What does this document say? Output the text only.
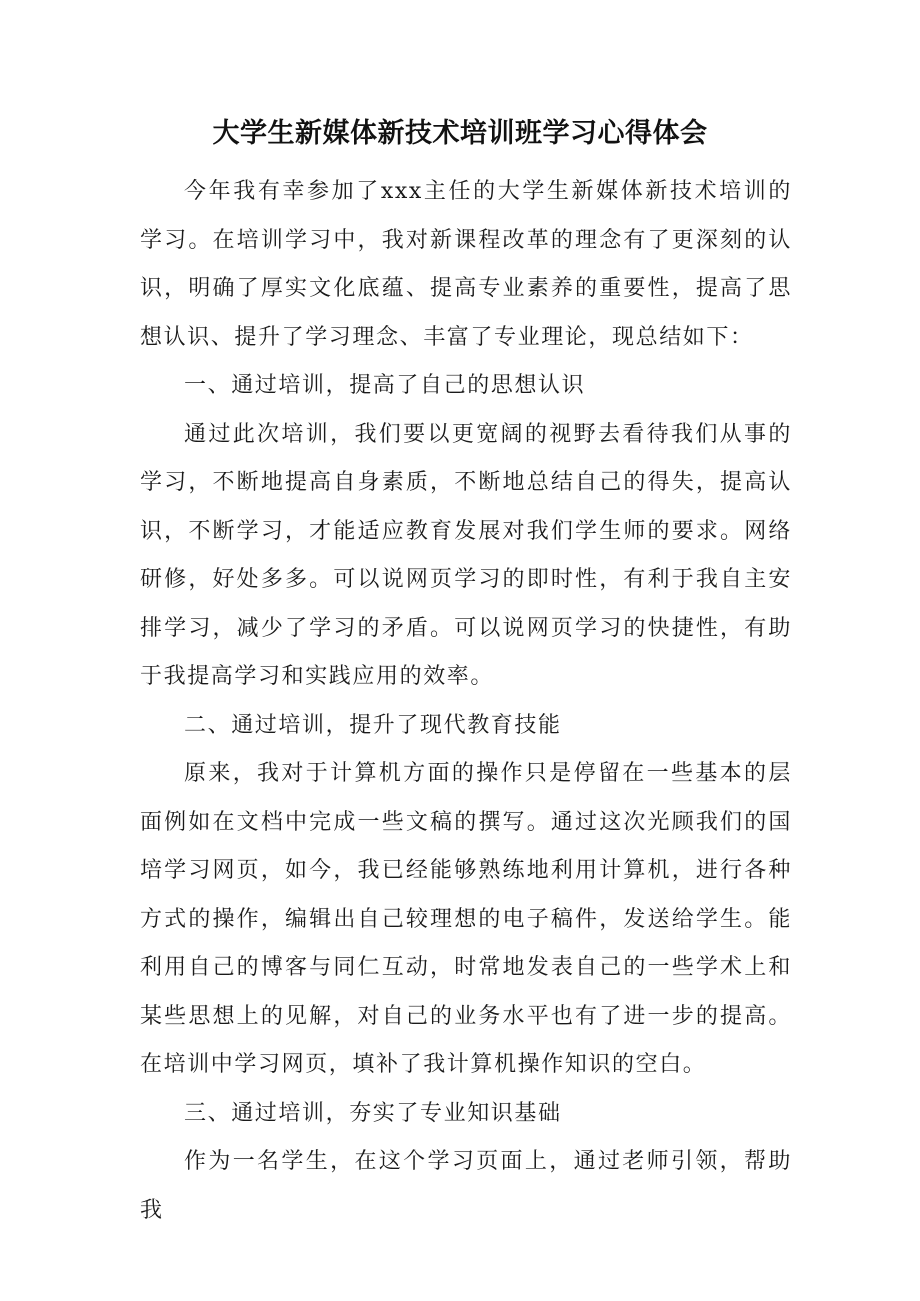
大学生新媒体新技术培训班学习心得体会

今年我有幸参加了xxx主任的大学生新媒体新技术培训的学习。在培训学习中，我对新课程改革的理念有了更深刻的认识，明确了厚实文化底蕴、提高专业素养的重要性，提高了思想认识、提升了学习理念、丰富了专业理论，现总结如下：

一、通过培训，提高了自己的思想认识

通过此次培训，我们要以更宽阔的视野去看待我们从事的学习，不断地提高自身素质，不断地总结自己的得失，提高认识，不断学习，才能适应教育发展对我们学生师的要求。网络研修，好处多多。可以说网页学习的即时性，有利于我自主安排学习，减少了学习的矛盾。可以说网页学习的快捷性，有助于我提高学习和实践应用的效率。

二、通过培训，提升了现代教育技能

原来，我对于计算机方面的操作只是停留在一些基本的层面例如在文档中完成一些文稿的撰写。通过这次光顾我们的国培学习网页，如今，我已经能够熟练地利用计算机，进行各种方式的操作，编辑出自己较理想的电子稿件，发送给学生。能利用自己的博客与同仁互动，时常地发表自己的一些学术上和某些思想上的见解，对自己的业务水平也有了进一步的提高。在培训中学习网页，填补了我计算机操作知识的空白。

三、通过培训，夯实了专业知识基础

作为一名学生，在这个学习页面上，通过老师引领，帮助我
